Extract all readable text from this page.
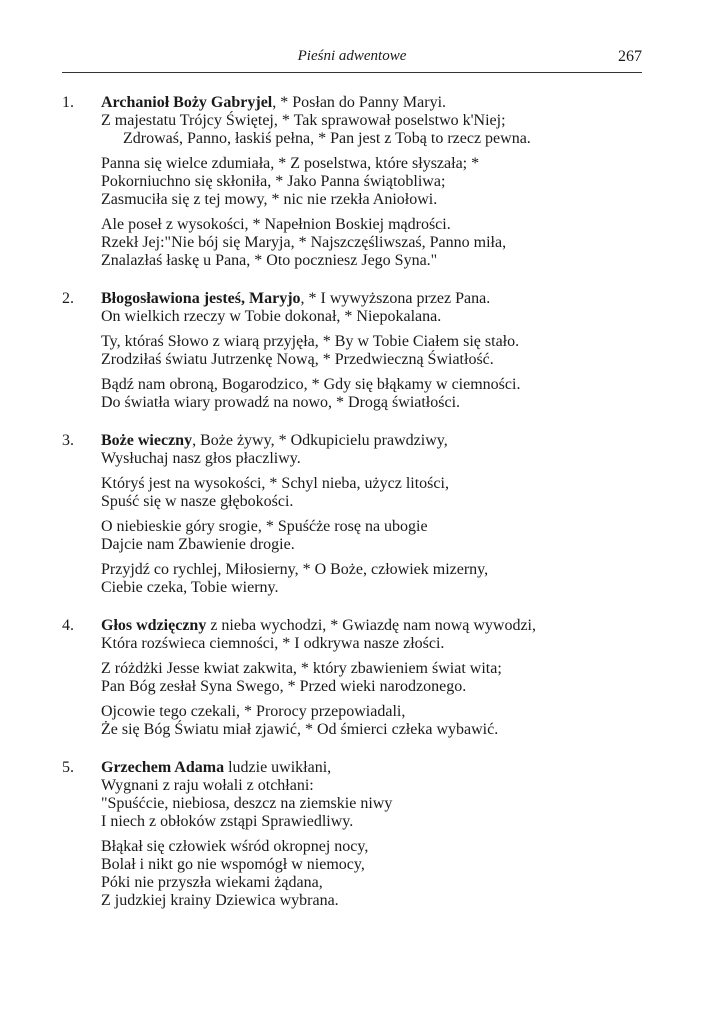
Pieśni adwentowe	267
1. Archanioł Boży Gabryjel, * Posłan do Panny Maryi.
Z majestatu Trójcy Świętej, * Tak sprawował poselstwo k'Niej;
Zdrowaś, Panno, łaskiś pełna, * Pan jest z Tobą to rzecz pewna.
Panna się wielce zdumiała, * Z poselstwa, które słyszała; *
Pokorniuchno się skłoniła, * Jako Panna świątobliwa;
Zasmuciła się z tej mowy, * nic nie rzekła Aniołowi.
Ale poseł z wysokości, * Napełnion Boskiej mądrości.
Rzekł Jej:"Nie bój się Maryja, * Najszczęśliwszaś, Panno miła,
Znalazłaś łaskę u Pana, * Oto poczniesz Jego Syna."
2. Błogosławiona jesteś, Maryjo, * I wywyższona przez Pana.
On wielkich rzeczy w Tobie dokonał, * Niepokalana.
Ty, któraś Słowo z wiarą przyjęła, * By w Tobie Ciałem się stało.
Zrodziłaś światu Jutrzenkę Nową, * Przedwieczną Światłość.
Bądź nam obroną, Bogarodzico, * Gdy się błąkamy w ciemności.
Do światła wiary prowadź na nowo, * Drogą światłości.
3. Boże wieczny, Boże żywy, * Odkupicielu prawdziwy,
Wysłuchaj nasz głos płaczliwy.
Któryś jest na wysokości, * Schyl nieba, użycz litości,
Spuść się w nasze głębokości.
O niebieskie góry srogie, * Spuśćże rosę na ubogie
Dajcie nam Zbawienie drogie.
Przyjdź co rychlej, Miłosierny, * O Boże, człowiek mizerny,
Ciebie czeka, Tobie wierny.
4. Głos wdzięczny z nieba wychodzi, * Gwiazdę nam nową wywodzi,
Która rozświeca ciemności, * I odkrywa nasze złości.
Z różdżki Jesse kwiat zakwita, * który zbawieniem świat wita;
Pan Bóg zesłał Syna Swego, * Przed wieki narodzonego.
Ojcowie tego czekali, * Prorocy przepowiadali,
Że się Bóg Światu miał zjawić, * Od śmierci człeka wybawić.
5. Grzechem Adama ludzie uwikłani,
Wygnani z raju wołali z otchłani:
"Spuśćcie, niebiosa, deszcz na ziemskie niwy
I niech z obłoków zstąpi Sprawiedliwy.
Błąkał się człowiek wśród okropnej nocy,
Bolał i nikt go nie wspomógł w niemocy,
Póki nie przyszła wiekami żądana,
Z judzkiej krainy Dziewica wybrana.
